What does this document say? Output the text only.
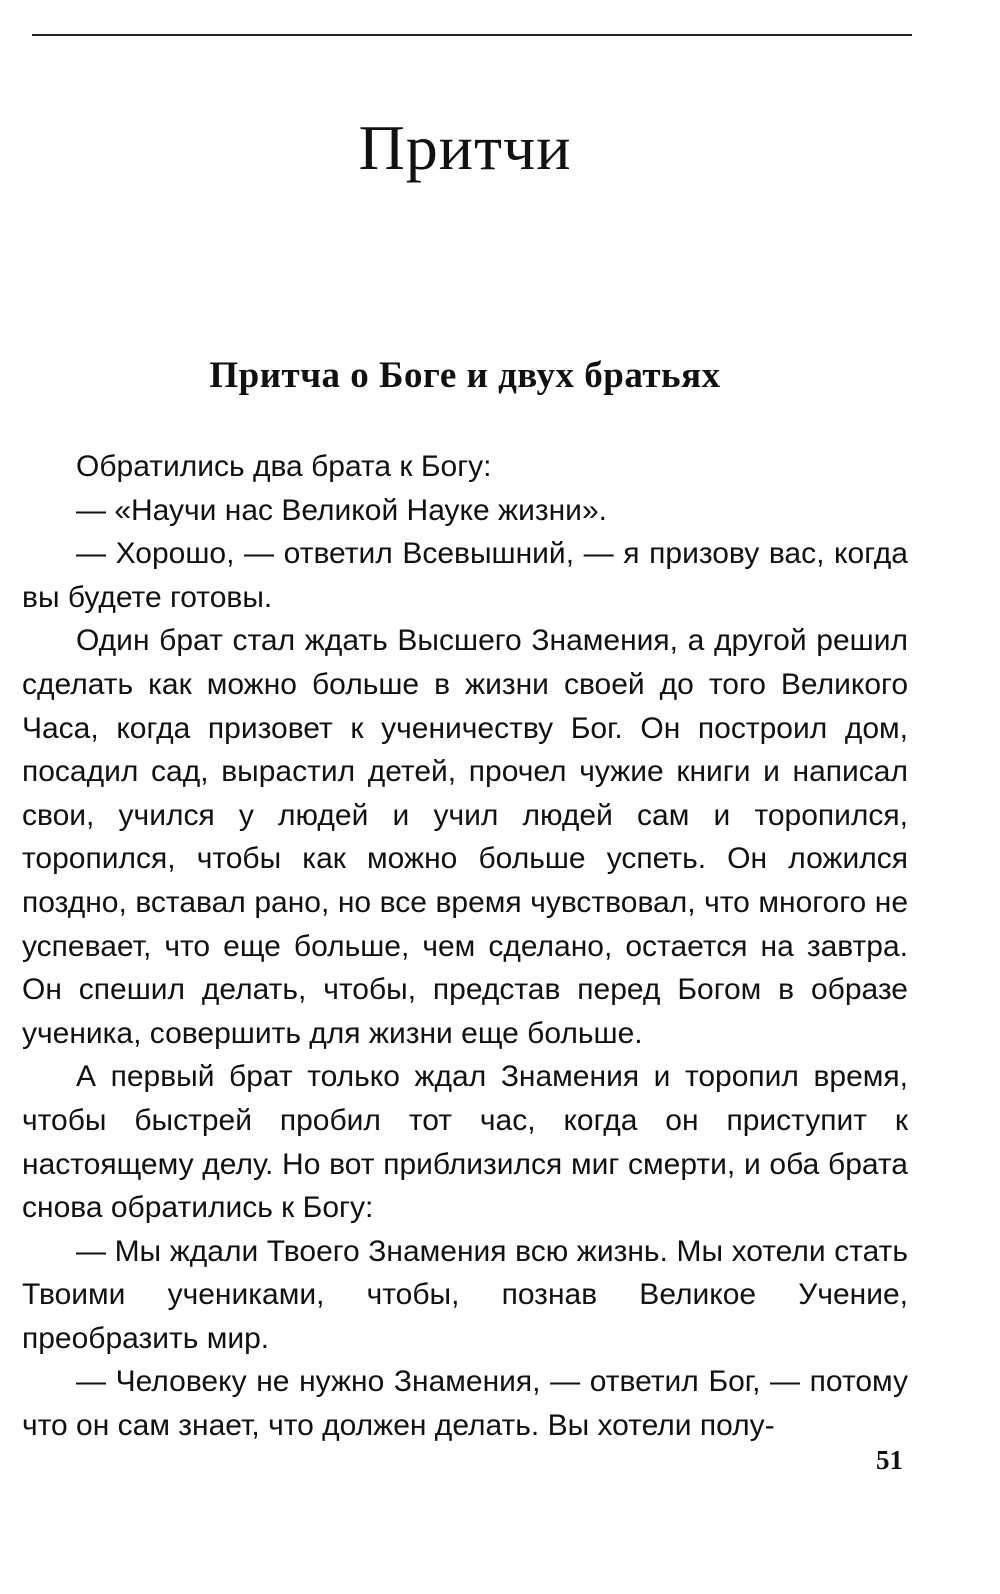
Притчи
Притча о Боге и двух братьях

Обратились два брата к Богу:

— «Научи нас Великой Науке жизни».

— Хорошо, — ответил Всевышний, — я призову вас, когда вы будете готовы.

Один брат стал ждать Высшего Знамения, а другой решил сделать как можно больше в жизни своей до того Великого Часа, когда призовет к ученичеству Бог. Он построил дом, посадил сад, вырастил детей, прочел чужие книги и написал свои, учился у людей и учил людей сам и торопился, торопился, чтобы как можно больше успеть. Он ложился поздно, вставал рано, но все время чувствовал, что многого не успевает, что еще больше, чем сделано, остается на завтра. Он спешил делать, чтобы, представ перед Богом в образе ученика, совершить для жизни еще больше.

А первый брат только ждал Знамения и торопил время, чтобы быстрей пробил тот час, когда он приступит к настоящему делу. Но вот приблизился миг смерти, и оба брата снова обратились к Богу:

— Мы ждали Твоего Знамения всю жизнь. Мы хотели стать Твоими учениками, чтобы, познав Великое Учение, преобразить мир.

— Человеку не нужно Знамения, — ответил Бог, — потому что он сам знает, что должен делать. Вы хотели полу-

51
